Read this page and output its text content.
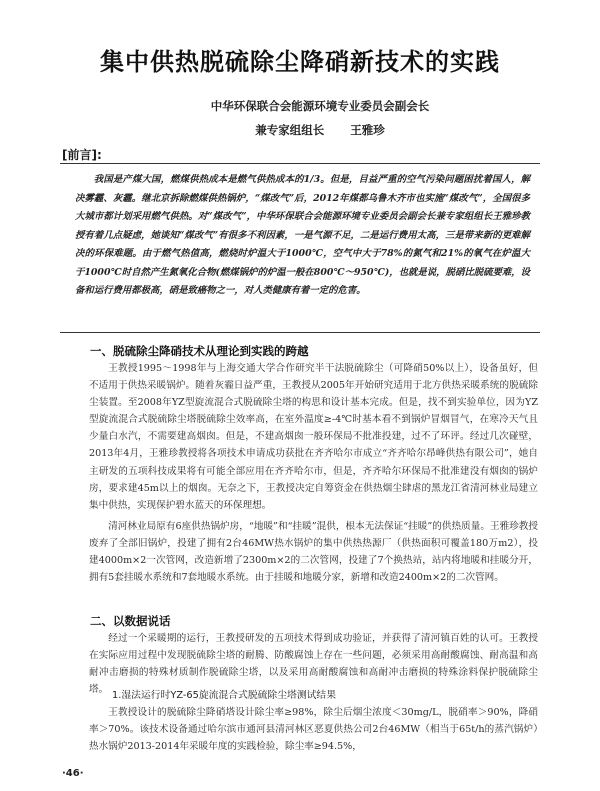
集中供热脱硫除尘降硝新技术的实践
中华环保联合会能源环境专业委员会副会长
兼专家组组长 王雅珍
[前言]:
我国是产煤大国，燃煤供热成本是燃气供热成本的1/3。但是，目益严重的空气污染问题困扰着国人，解决雾霾、灰霾。继北京拆除燃煤供热锅炉，“煤改气”后，2012年煤都乌鲁木齐市也实施“煤改气”，全国很多大城市都计划采用燃气供热。对“煤改气”，中华环保联合会能源环境专业委员会副会长兼专家组组长王雅珍教授有着几点疑虑，她谈知“煤改气”有很多不利因素，一是气源不足，二是运行费用太高，三是带来新的更难解决的环保难题。由于燃气热值高，燃烧时炉温大于1000℃，空气中大于78%的氮气和21%的氧气在炉温大于1000℃时自然产生氮氧化合物(燃煤锅炉的炉温一般在800℃～950℃)，也就是说，脱硝比脱硫要难，设备和运行费用都极高，硝是致癌物之一，对人类健康有着一定的危害。
一、脱硫除尘降硝技术从理论到实践的跨越
王教授1995～1998年与上海交通大学合作研究半干法脱硫除尘（可降硝50%以上），设备虽好，但不适用于供热采暖锅炉。随着灰霾日益严重，王教授从2005年开始研究适用于北方供热采暖系统的脱硫除尘装置。至2008年YZ型旋流混合式脱硫除尘塔的构思和设计基本完成。但是，找不到实验单位，因为YZ型旋流混合式脱硫除尘塔脱硫除尘效率高，在室外温度≥-4℃时基本看不到锅炉冒烟冒气，在寒冷天气且少量白水汽，不需要建高烟囱。但是，不建高烟囱一般环保局不批准投建，过不了环评。经过几次碰壁，2013年4月，王雅珍教授将各项技术申请成功获批在齐齐哈尔市成立“齐齐哈尔昂峰供热有限公司”，她自主研发的五项科技成果将有可能全部应用在齐齐哈尔市，但是，齐齐哈尔环保局不批准建没有烟囱的锅炉房，要求建45m以上的烟囱。无奈之下，王教授决定自筹资金在供热烟尘肆虐的黑龙江省清河林业局建立集中供热，实现保护碧水蓝天的环保理想。
清河林业局原有6座供热锅炉房，“地暖”和“挂暖”混供，根本无法保证“挂暖”的供热质量。王雅珍教授废弃了全部旧锅炉，投建了拥有2台46MW热水锅炉的集中供热热源厂（供热面积可覆盖180万m2），投建4000m×2一次管网，改造新增了2300m×2的二次管网，投建了7个换热站，站内将地暖和挂暖分开，拥有5套挂暖水系统和7套地暖水系统。由于挂暖和地暖分家，新增和改造2400m×2的二次管网。
二、以数据说话
经过一个采暖期的运行，王教授研发的五项技术得到成功验证，并获得了清河镇百姓的认可。王教授在实际应用过程中发现脱硫除尘塔的耐腾、防酸腐蚀上存在一些问题，必须采用高耐酸腐蚀、耐高温和高耐冲击磨损的特殊材质制作脱硫除尘塔，以及采用高耐酸腐蚀和高耐冲击磨损的特殊涂料保护脱硫除尘塔。
1.湿法运行时YZ-65旋流混合式脱硫除尘塔测试结果
王教授设计的脱硫除尘降硝塔设计除尘率≥98%，除尘后烟尘浓度＜30mg/L，脱硝率＞90%，降硝率＞70%。该技术设备通过哈尔滨市通河县清河林区恶夏供热公司2台46MW（相当于65t/h的蒸汽锅炉）热水锅炉2013-2014年采暖年度的实践检验，除尘率≥94.5%，
·46·
